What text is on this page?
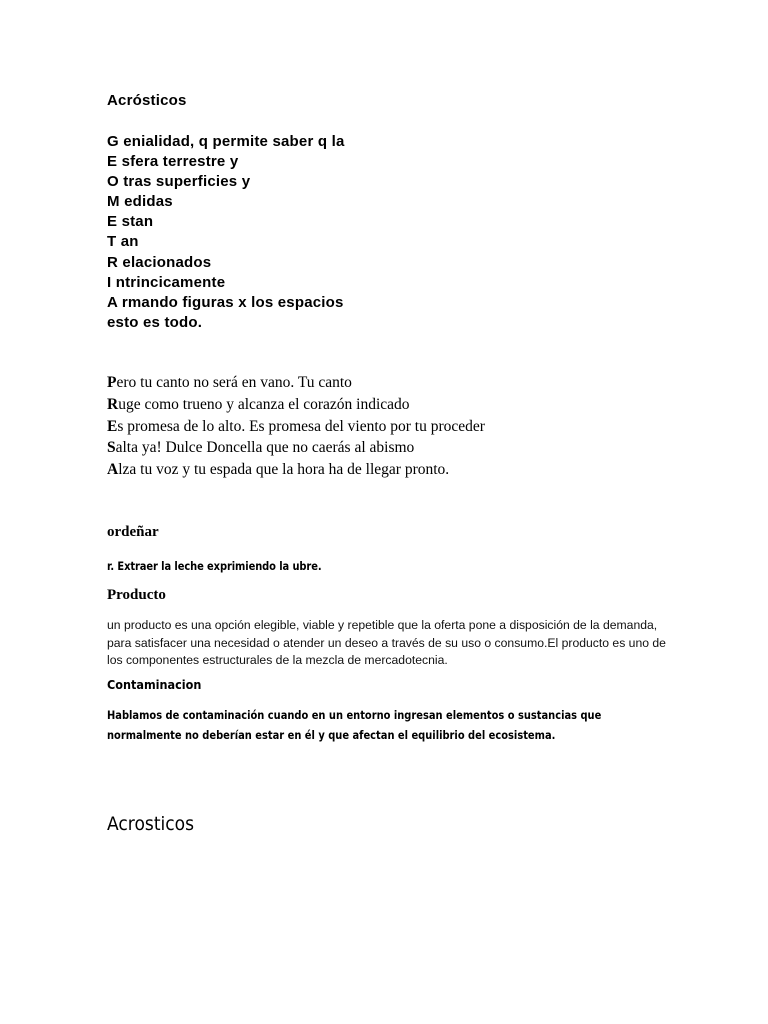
Acrósticos
G enialidad, q permite saber q la
E sfera terrestre y
O tras superficies y
M edidas
E stan
T an
R elacionados
I ntrincicamente
A rmando figuras x los espacios
esto es todo.
Pero tu canto no será en vano. Tu canto
Ruge como trueno y alcanza el corazón indicado
Es promesa de lo alto. Es promesa del viento por tu proceder
Salta ya! Dulce Doncella que no caerás al abismo
Alza tu voz y tu espada que la hora ha de llegar pronto.
ordeñar
r. Extraer la leche exprimiendo la ubre.
Producto
un producto es una opción elegible, viable y repetible que la oferta pone a disposición de la demanda, para satisfacer una necesidad o atender un deseo a través de su uso o consumo.El producto es uno de los componentes estructurales de la mezcla de mercadotecnia.
Contaminacion
Hablamos de contaminación cuando en un entorno ingresan elementos o sustancias que normalmente no deberían estar en él y que afectan el equilibrio del ecosistema.
Acrosticos
